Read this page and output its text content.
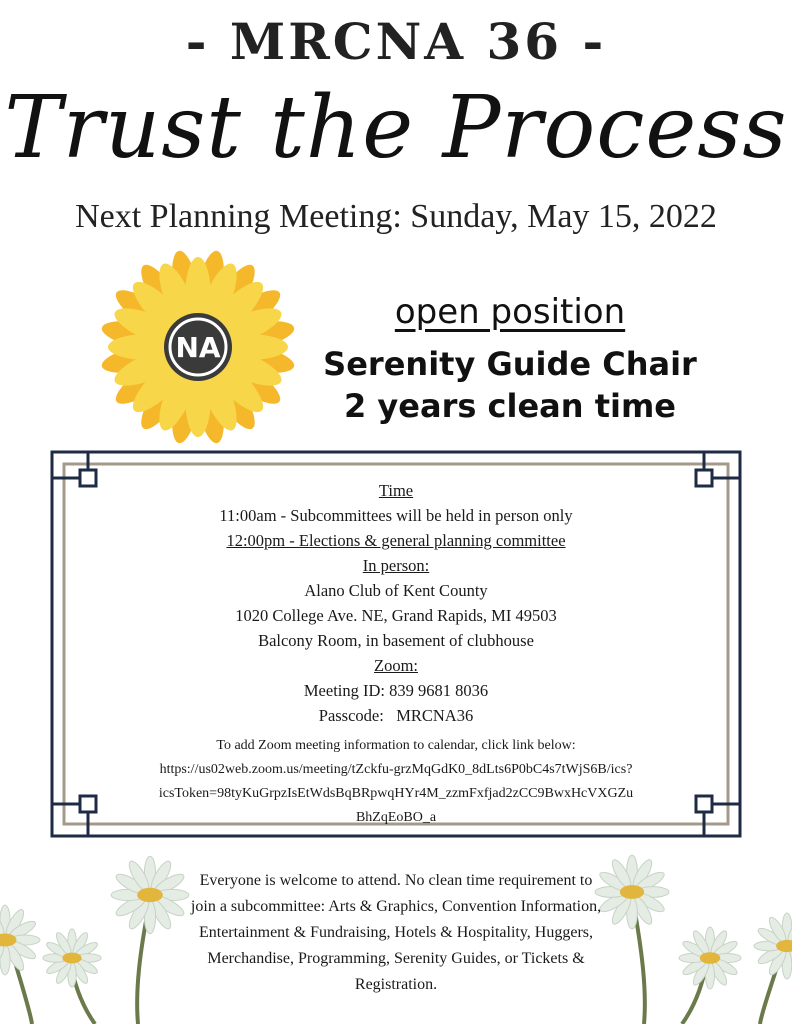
- MRCNA 36 -
Trust the Process
Next Planning Meeting: Sunday, May 15, 2022
NA
open position
Serenity Guide Chair
2 years clean time
Time
11:00am - Subcommittees will be held in person only
12:00pm - Elections & general planning committee
In person:
Alano Club of Kent County
1020 College Ave. NE, Grand Rapids, MI 49503
Balcony Room, in basement of clubhouse
Zoom:
Meeting ID: 839 9681 8036
Passcode:   MRCNA36
To add Zoom meeting information to calendar, click link below:
https://us02web.zoom.us/meeting/tZckfu-grzMqGdK0_8dLts6P0bC4s7tWjS6B/ics?
icsToken=98tyKuGrpzIsEtWdsBqBRpwqHYr4M_zzmFxfjad2zCC9BwxHcVXGZu
BhZqEoBO_a
Everyone is welcome to attend. No clean time requirement to join a subcommittee: Arts & Graphics, Convention Information, Entertainment & Fundraising, Hotels & Hospitality, Huggers, Merchandise, Programming, Serenity Guides, or Tickets & Registration.
